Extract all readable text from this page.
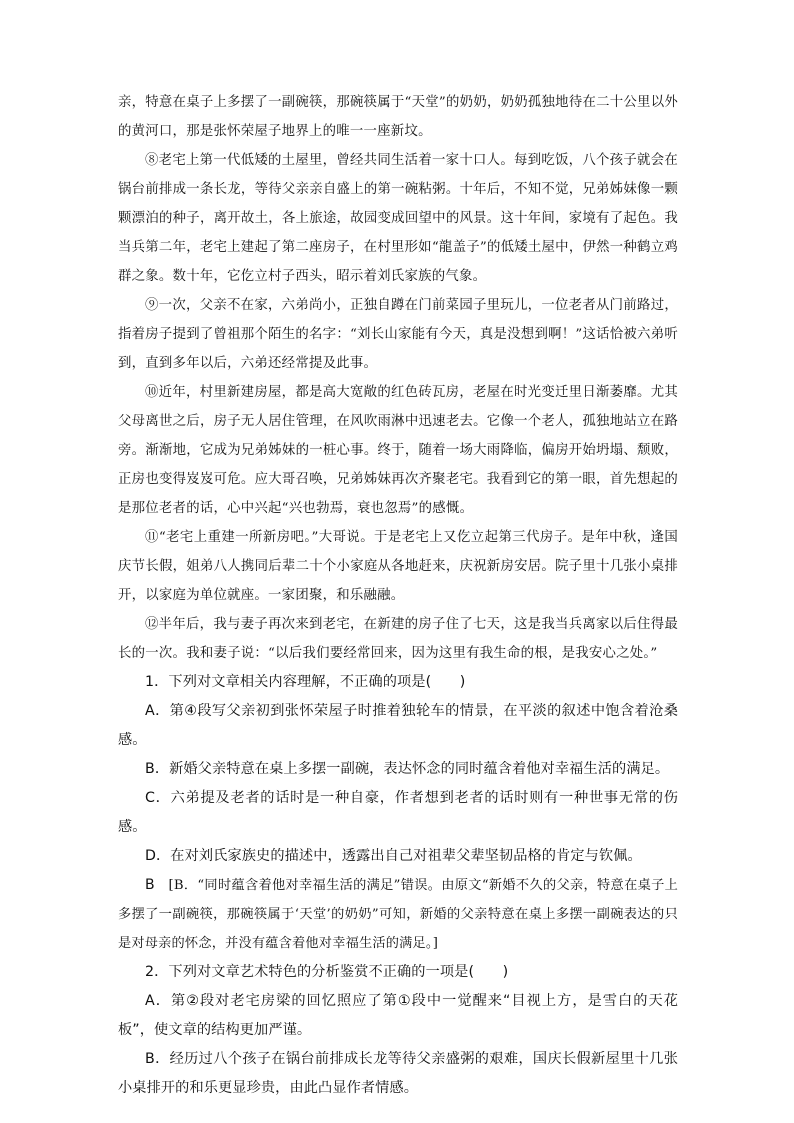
亲，特意在桌子上多摆了一副碗筷，那碗筷属于“天堂”的奶奶，奶奶孤独地待在二十公里以外的黄河口，那是张怀荣屋子地界上的唯一一座新坟。

⑧老宅上第一代低矮的土屋里，曾经共同生活着一家十口人。每到吃饭，八个孩子就会在锅台前排成一条长龙，等待父亲亲自盛上的第一碗粘粥。十年后，不知不觉，兄弟姊妹像一颗颗漂泊的种子，离开故土，各上旅途，故园变成回望中的风景。这十年间，家境有了起色。我当兵第二年，老宅上建起了第二座房子，在村里形如“龍盖子”的低矮土屋中，伊然一种鹤立鸡群之象。数十年，它仡立村子西头，昭示着刘氏家族的气象。

⑨一次，父亲不在家，六弟尚小，正独自蹲在门前菜园子里玩儿，一位老者从门前路过，指着房子提到了曾祖那个陌生的名字：“刘长山家能有今天，真是没想到啊！”这话恰被六弟听到，直到多年以后，六弟还经常提及此事。

⑩近年，村里新建房屋，都是高大宽敞的红色砖瓦房，老屋在时光变迁里日渐萎靡。尤其父母离世之后，房子无人居住管理，在风吹雨淋中迅速老去。它像一个老人，孤独地站立在路旁。渐渐地，它成为兄弟姊妹的一桩心事。终于，随着一场大雨降临，偏房开始坍塌、颓败，正房也变得岌岌可危。应大哥召唤，兄弟姊妹再次齐聚老宅。我看到它的第一眼，首先想起的是那位老者的话，心中兴起“兴也勃焉，衰也忽焉”的感慨。

⑪“老宅上重建一所新房吧。”大哥说。于是老宅上又仡立起第三代房子。是年中秋，逢国庆节长假，姐弟八人携同后辈二十个小家庭从各地赶来，庆祝新房安居。院子里十几张小桌排开，以家庭为单位就座。一家团聚，和乐融融。

⑫半年后，我与妻子再次来到老宅，在新建的房子住了七天，这是我当兵离家以后住得最长的一次。我和妻子说：“以后我们要经常回来，因为这里有我生命的根，是我安心之处。”

1．下列对文章相关内容理解，不正确的项是(　　)

A．第④段写父亲初到张怀荣屋子时推着独轮车的情景，在平淡的叙述中饱含着沧桑感。

B．新婚父亲特意在桌上多摆一副碗，表达怀念的同时蕴含着他对幸福生活的满足。

C．六弟提及老者的话时是一种自豪，作者想到老者的话时则有一种世事无常的伤感。

D．在对刘氏家族史的描述中，透露出自己对祖辈父辈坚韧品格的肯定与钦佩。

B　 [B．“同时蕴含着他对幸福生活的满足”错误。由原文“新婚不久的父亲，特意在桌子上多摆了一副碗筷，那碗筷属于‘天堂’的奶奶”可知，新婚的父亲特意在桌上多摆一副碗表达的只是对母亲的怀念，并没有蕴含着他对幸福生活的满足。]

2．下列对文章艺术特色的分析鉴赏不正确的一项是(　　)

A．第②段对老宅房梁的回忆照应了第①段中一觉醒来“目视上方，是雪白的天花板”，使文章的结构更加严谨。

B．经历过八个孩子在锅台前排成长龙等待父亲盛粥的艰难，国庆长假新屋里十几张小桌排开的和乐更显珍贵，由此凸显作者情感。
